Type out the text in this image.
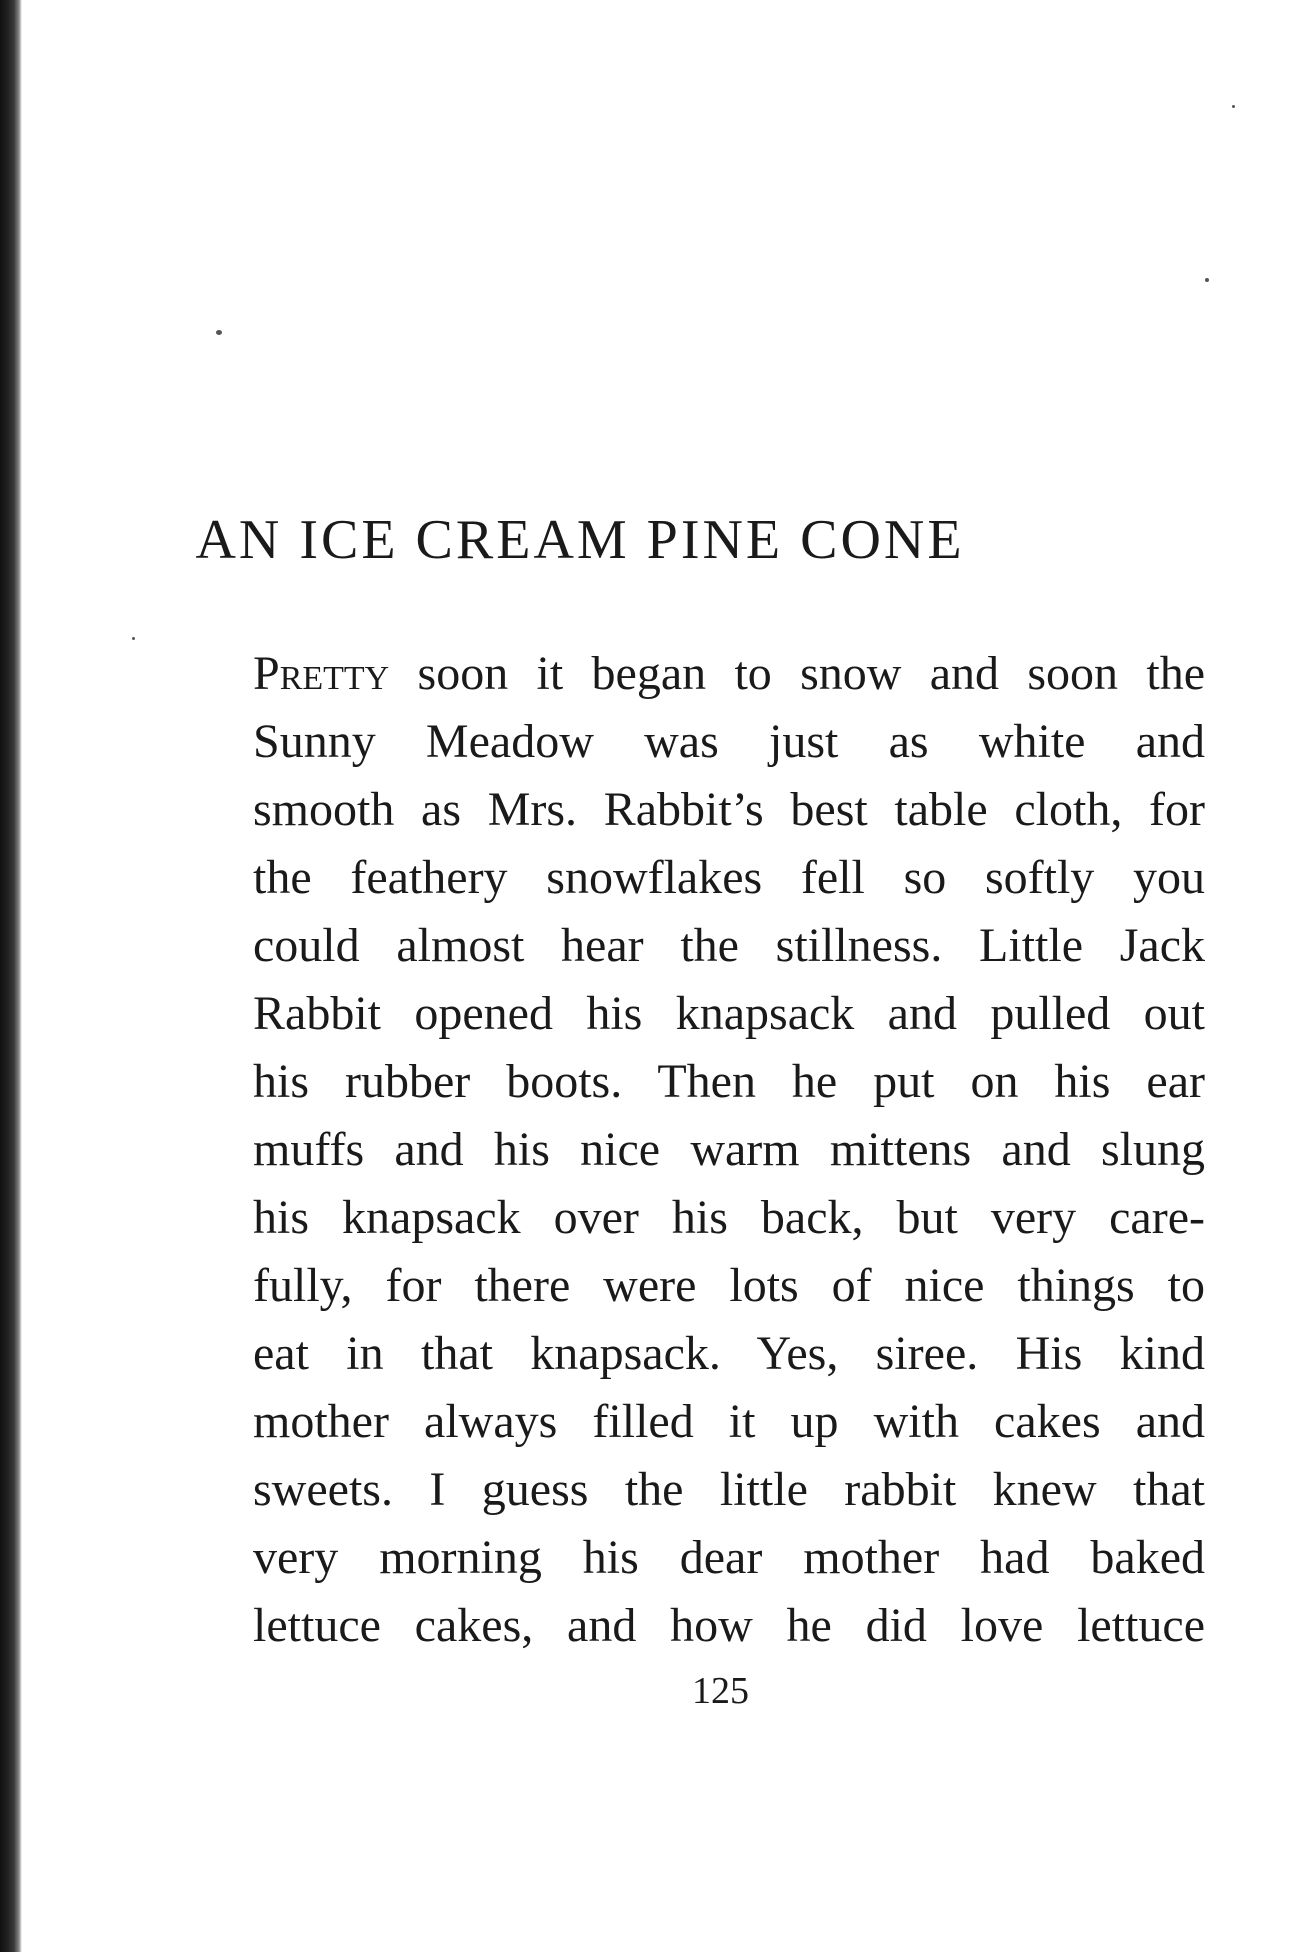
AN ICE CREAM PINE CONE
Pretty soon it began to snow and soon the
Sunny Meadow was just as white and
smooth as Mrs. Rabbit’s best table cloth, for
the feathery snowflakes fell so softly you
could almost hear the stillness. Little Jack
Rabbit opened his knapsack and pulled out
his rubber boots. Then he put on his ear
muffs and his nice warm mittens and slung
his knapsack over his back, but very care-
fully, for there were lots of nice things to
eat in that knapsack. Yes, siree. His kind
mother always filled it up with cakes and
sweets. I guess the little rabbit knew that
very morning his dear mother had baked
lettuce cakes, and how he did love lettuce
125
